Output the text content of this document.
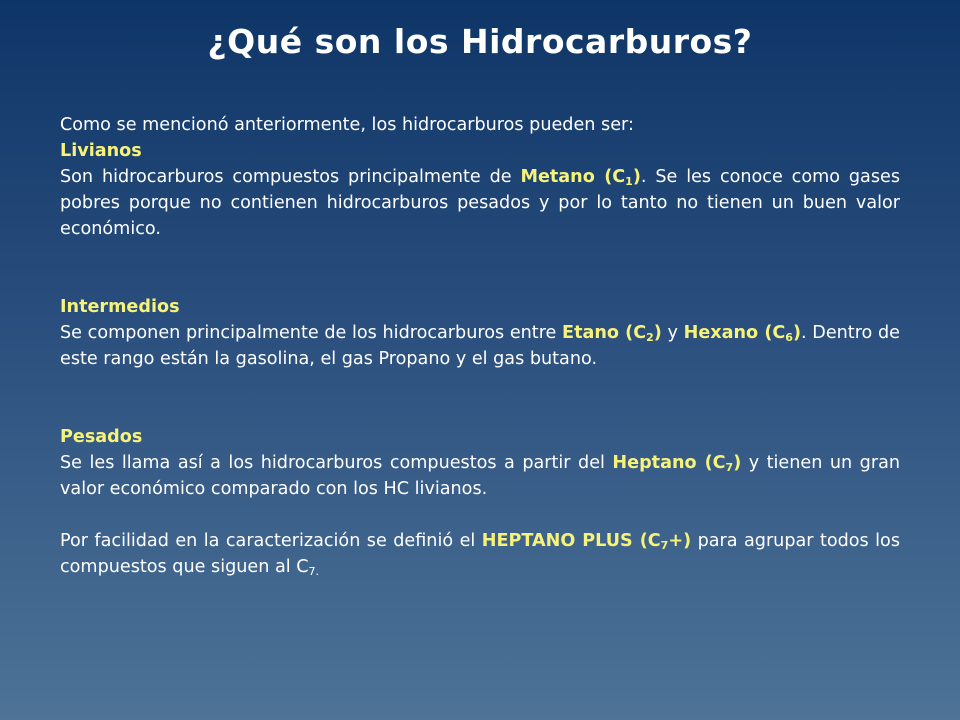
¿Qué son los Hidrocarburos?

Como se mencionó anteriormente, los hidrocarburos pueden ser:

Livianos

Son hidrocarburos compuestos principalmente de Metano $(C_1)$. Se les conoce como gases pobres porque no contienen hidrocarburos pesados y por lo tanto no tienen un buen valor económico.

Intermedios

Se componen principalmente de los hidrocarburos entre Etano $(C_2)$ y Hexano $(C_6)$. Dentro de este rango están la gasolina, el gas Propano y el gas butano.

Pesados

Se les llama así a los hidrocarburos compuestos a partir del Heptano $(C_7)$ y tienen un gran valor económico comparado con los HC livianos.

Por facilidad en la caracterización se definió el HEPTANO PLUS $(C_7+)$ para agrupar todos los compuestos que siguen al $C_{7.}$
